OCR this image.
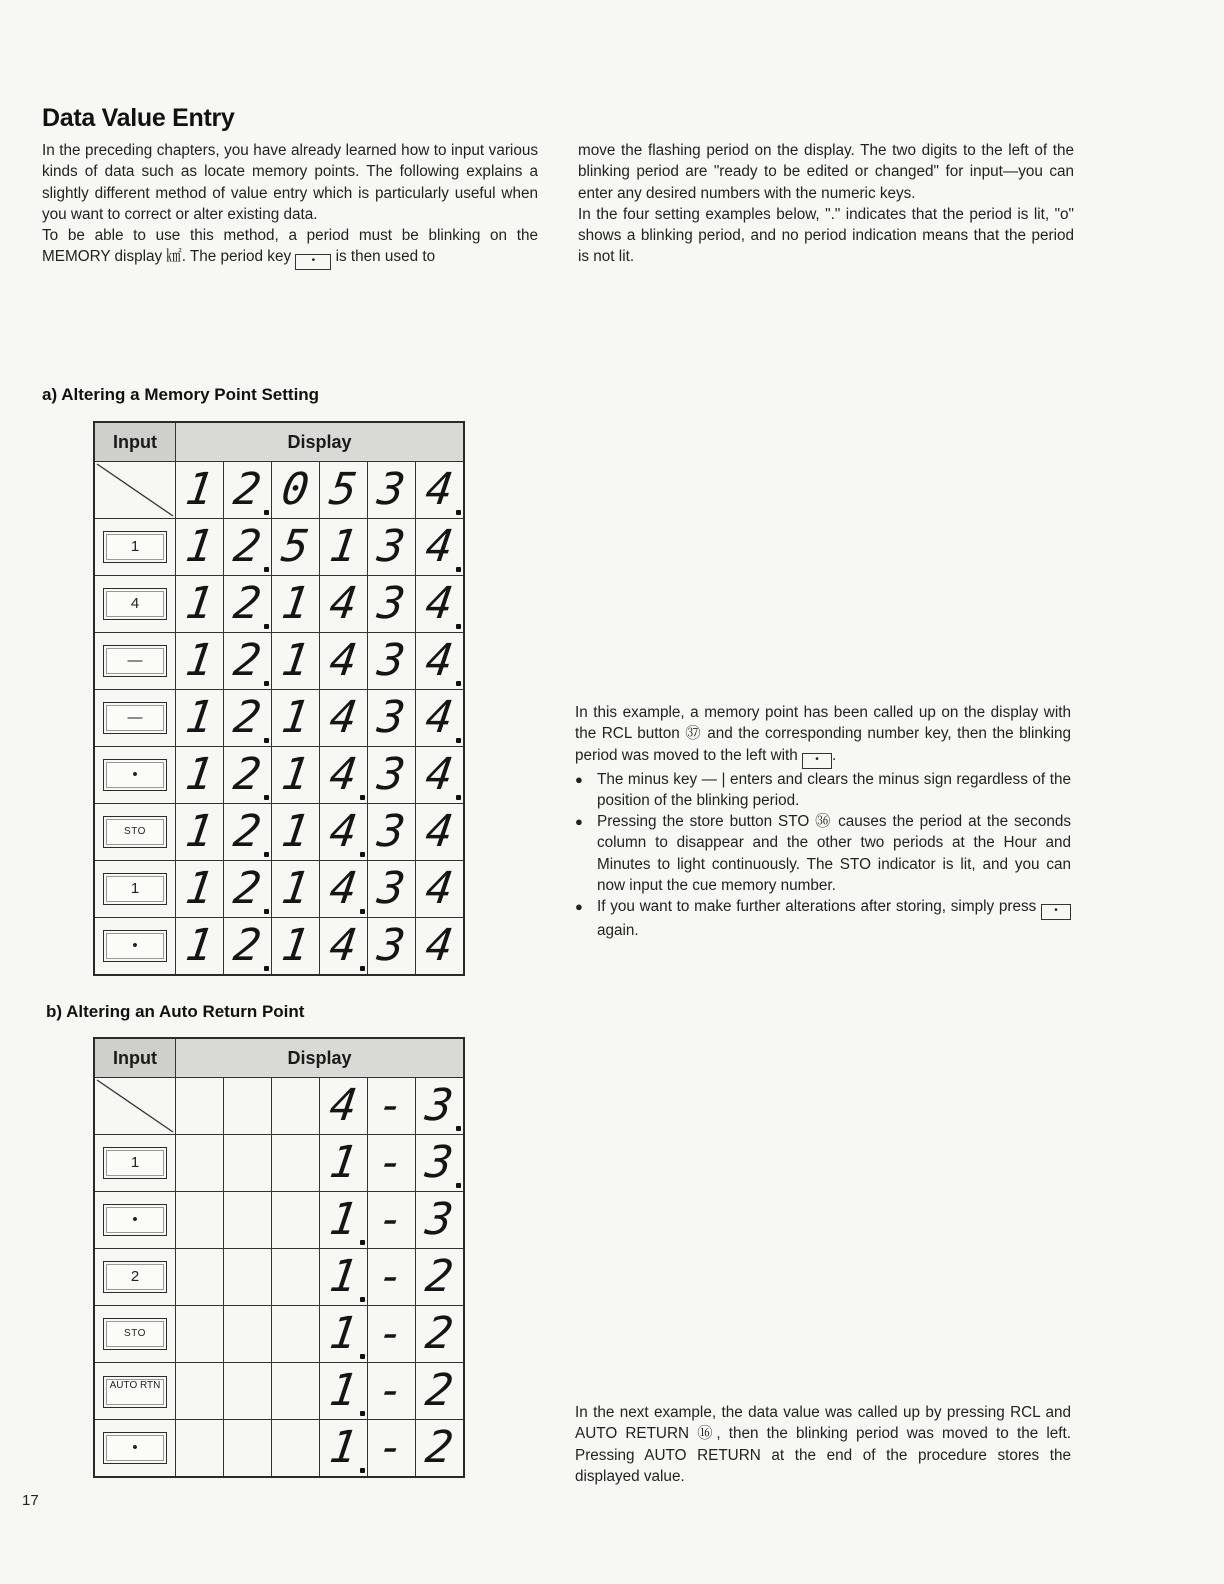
Data Value Entry

In the preceding chapters, you have already learned how to input various kinds of data such as locate memory points. The following explains a slightly different method of value entry which is particularly useful when you want to correct or alter existing data.

To be able to use this method, a period must be blinking on the MEMORY display ㎢. The period key • is then used to

move the flashing period on the display. The two digits to the left of the blinking period are "ready to be edited or changed" for input—you can enter any desired numbers with the numeric keys.

In the four setting examples below, "." indicates that the period is lit, "o" shows a blinking period, and no period indication means that the period is not lit.

a) Altering a Memory Point Setting
Input	Display					

	1	2	0	5	3	4

1	1	2	5	1	3	4

4	1	2	1	4	3	4

—	1	2	1	4	3	4

—	1	2	1	4	3	4

•	1	2	1	4	3	4

STO	1	2	1	4	3	4
1	1	2	1	4	3	4
•	1	2	1	4	3	4

In this example, a memory point has been called up on the display with the RCL button ㊲ and the corresponding number key, then the blinking period was moved to the left with • .

● The minus key — | enters and clears the minus sign regardless of the position of the blinking period.
● Pressing the store button STO ㊱ causes the period at the seconds column to disappear and the other two periods at the Hour and Minutes to light continuously. The STO indicator is lit, and you can now input the cue memory number.
● If you want to make further alterations after storing, simply press • again.
b) Altering an Auto Return Point
Input	Display					

				4	-	3

1				1	-	3

•				1	-	3
2				1	-	2
STO				1	-	2
AUTO RTN				1	-	2
•				1	-	2

In the next example, the data value was called up by pressing RCL and AUTO RETURN ⑯, then the blinking period was moved to the left. Pressing AUTO RETURN at the end of the procedure stores the displayed value.

17
